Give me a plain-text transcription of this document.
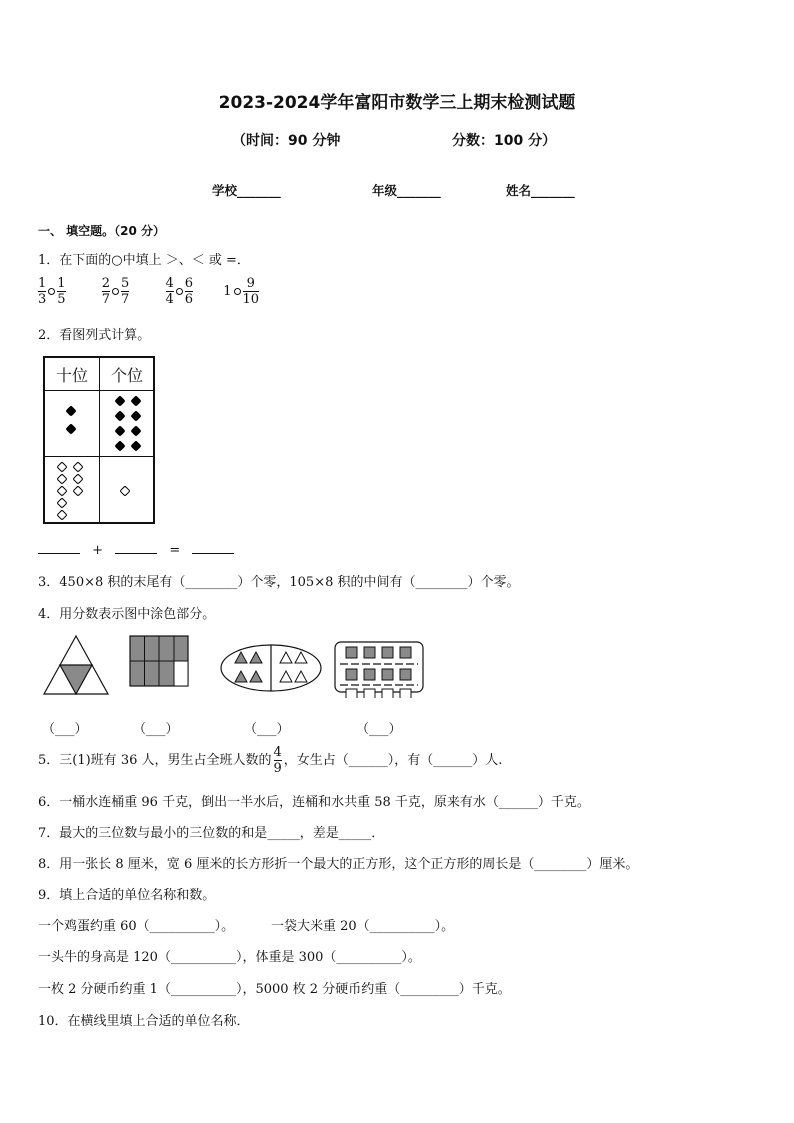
2023-2024学年富阳市数学三上期末检测试题
（时间：90 分钟	分数：100 分）
学校_______	年级_______	姓名_______
一、 填空题。（20 分）
1．在下面的○中填上 ＞、＜ 或 =．
$\frac{1}{3} \frac{1}{5}$
	$\frac{2}{7} \frac{5}{7}$
	$\frac{4}{4} \frac{6}{6} 1 \frac{9}{10}$
2．看图列式计算。
十位	个位
+	=
3．450×8 积的末尾有（________）个零，105×8 积的中间有（________）个零。
4．用分数表示图中涂色部分。
（___）	（___）	（___）	（___）
5．三(1)班有 36 人，男生占全班人数的 $\frac{4}{9}$ ，女生占（______），有（______）人.
6．一桶水连桶重 96 千克，倒出一半水后，连桶和水共重 58 千克，原来有水（______）千克。
7．最大的三位数与最小的三位数的和是_____，差是_____．
8．用一张长 8 厘米，宽 6 厘米的长方形折一个最大的正方形，这个正方形的周长是（________）厘米。
9．填上合适的单位名称和数。
一个鸡蛋约重 60（__________）。	一袋大米重 20（__________）。
一头牛的身高是 120（__________），体重是 300（__________）。
一枚 2 分硬币约重 1（__________），5000 枚 2 分硬币约重（_________）千克。
10．在横线里填上合适的单位名称．
